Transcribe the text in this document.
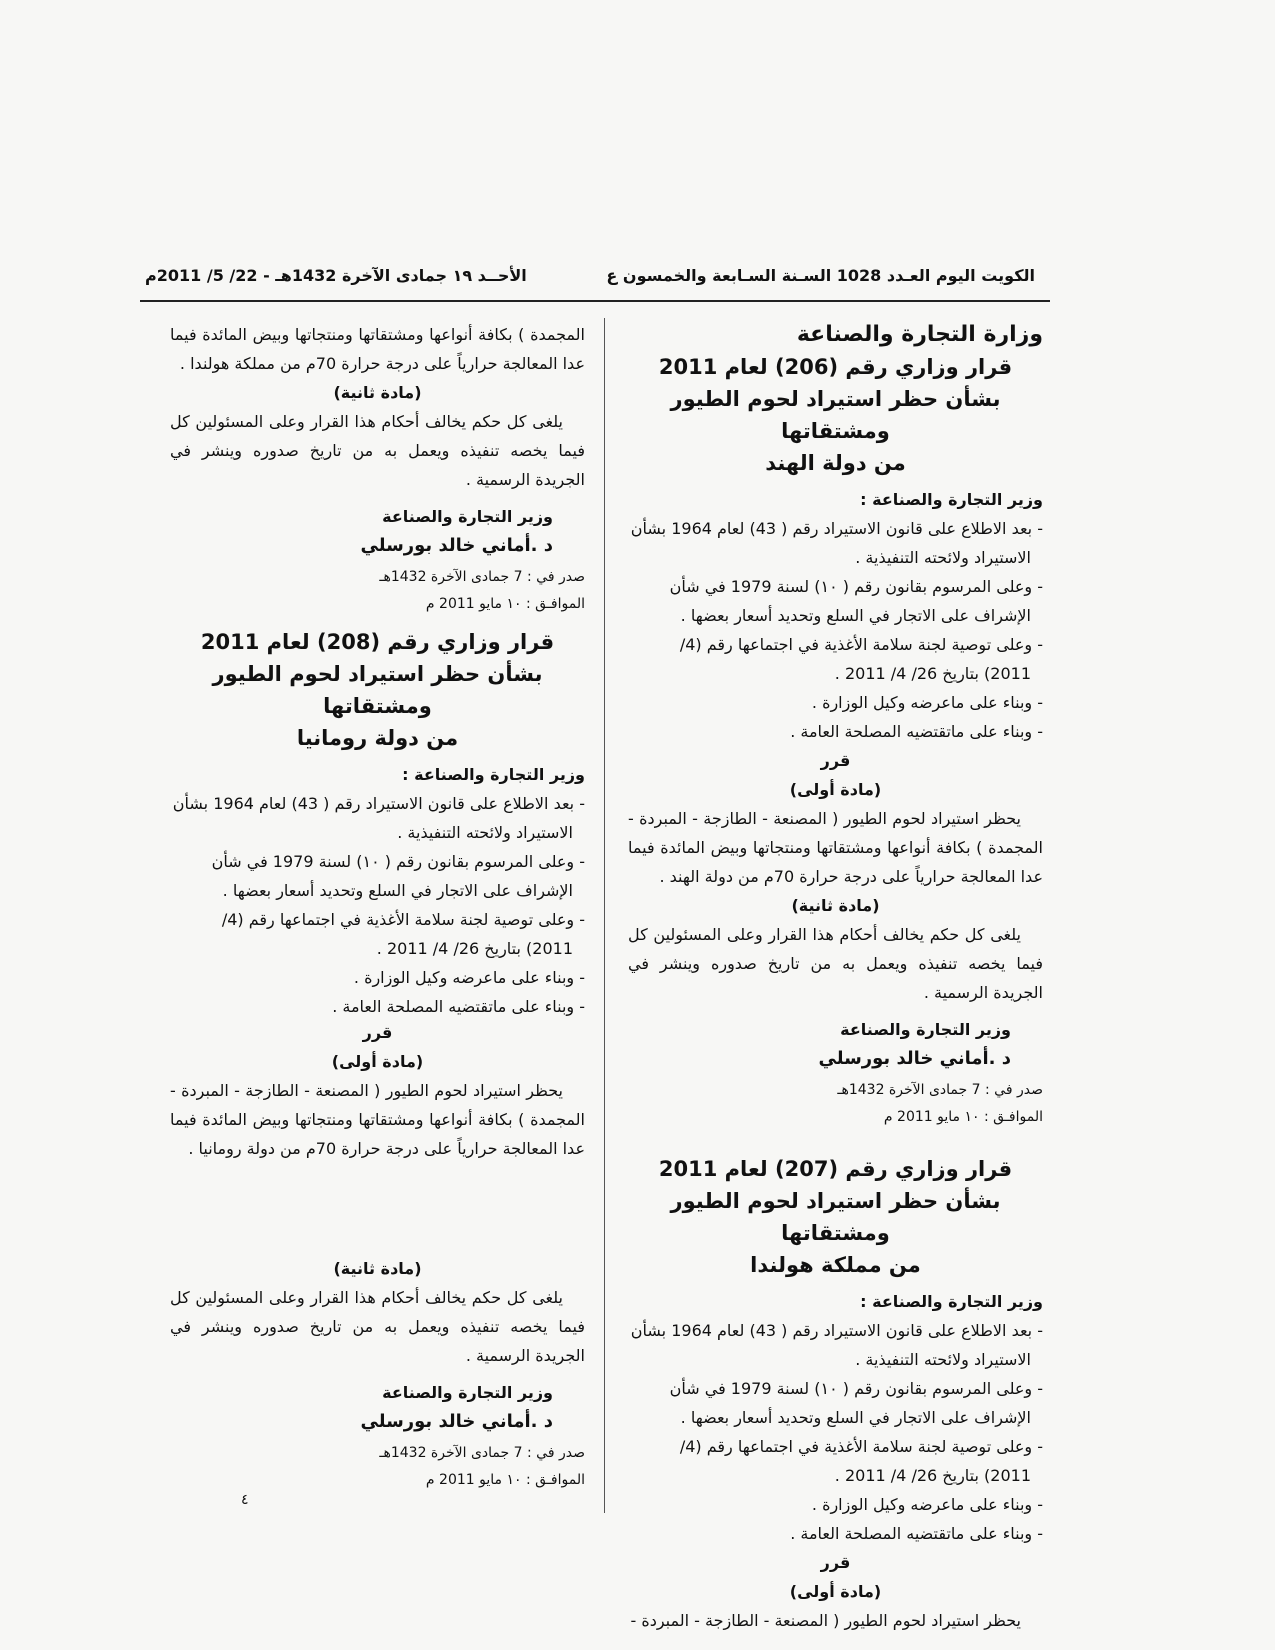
الكويت اليوم العـدد 1028 السـنة السـابعة والخمسون ع
الأحــد ١٩ جمادى الآخرة 1432هـ - 22/ 5/ 2011م
وزارة التجارة والصناعة
قرار وزاري رقم (206) لعام 2011
بشأن حظر استيراد لحوم الطيور ومشتقاتها
من دولة الهند
وزير التجارة والصناعة :
- بعد الاطلاع على قانون الاستيراد رقم ( 43) لعام 1964 بشأن الاستيراد ولائحته التنفيذية .
- وعلى المرسوم بقانون رقم ( ١٠) لسنة 1979 في شأن الإشراف على الاتجار في السلع وتحديد أسعار بعضها .
- وعلى توصية لجنة سلامة الأغذية في اجتماعها رقم (4/ 2011) بتاريخ 26/ 4/ 2011 .
- وبناء على ماعرضه وكيل الوزارة .
- وبناء على ماتقتضيه المصلحة العامة .
قرر
(مادة أولى)
يحظر استيراد لحوم الطيور ( المصنعة - الطازجة - المبردة - المجمدة ) بكافة أنواعها ومشتقاتها ومنتجاتها وبيض المائدة فيما عدا المعالجة حرارياً على درجة حرارة 70م من دولة الهند .
(مادة ثانية)
يلغى كل حكم يخالف أحكام هذا القرار وعلى المسئولين كل فيما يخصه تنفيذه ويعمل به من تاريخ صدوره وينشر في الجريدة الرسمية .
وزير التجارة والصناعة
د .أماني خالد بورسلي
صدر في : 7 جمادى الآخرة 1432هـ
الموافـق : ١٠ مايو 2011 م
قرار وزاري رقم (207) لعام 2011
بشأن حظر استيراد لحوم الطيور ومشتقاتها
من مملكة هولندا
وزير التجارة والصناعة :
- بعد الاطلاع على قانون الاستيراد رقم ( 43) لعام 1964 بشأن الاستيراد ولائحته التنفيذية .
- وعلى المرسوم بقانون رقم ( ١٠) لسنة 1979 في شأن الإشراف على الاتجار في السلع وتحديد أسعار بعضها .
- وعلى توصية لجنة سلامة الأغذية في اجتماعها رقم (4/ 2011) بتاريخ 26/ 4/ 2011 .
- وبناء على ماعرضه وكيل الوزارة .
- وبناء على ماتقتضيه المصلحة العامة .
قرر
(مادة أولى)
يحظر استيراد لحوم الطيور ( المصنعة - الطازجة - المبردة -
المجمدة ) بكافة أنواعها ومشتقاتها ومنتجاتها وبيض المائدة فيما عدا المعالجة حرارياً على درجة حرارة 70م من مملكة هولندا .
(مادة ثانية)
يلغى كل حكم يخالف أحكام هذا القرار وعلى المسئولين كل فيما يخصه تنفيذه ويعمل به من تاريخ صدوره وينشر في الجريدة الرسمية .
وزير التجارة والصناعة
د .أماني خالد بورسلي
صدر في : 7 جمادى الآخرة 1432هـ
الموافـق : ١٠ مايو 2011 م
قرار وزاري رقم (208) لعام 2011
بشأن حظر استيراد لحوم الطيور ومشتقاتها
من دولة رومانيا
وزير التجارة والصناعة :
- بعد الاطلاع على قانون الاستيراد رقم ( 43) لعام 1964 بشأن الاستيراد ولائحته التنفيذية .
- وعلى المرسوم بقانون رقم ( ١٠) لسنة 1979 في شأن الإشراف على الاتجار في السلع وتحديد أسعار بعضها .
- وعلى توصية لجنة سلامة الأغذية في اجتماعها رقم (4/ 2011) بتاريخ 26/ 4/ 2011 .
- وبناء على ماعرضه وكيل الوزارة .
- وبناء على ماتقتضيه المصلحة العامة .
قرر
(مادة أولى)
يحظر استيراد لحوم الطيور ( المصنعة - الطازجة - المبردة - المجمدة ) بكافة أنواعها ومشتقاتها ومنتجاتها وبيض المائدة فيما عدا المعالجة حرارياً على درجة حرارة 70م من دولة رومانيا .
(مادة ثانية)
يلغى كل حكم يخالف أحكام هذا القرار وعلى المسئولين كل فيما يخصه تنفيذه ويعمل به من تاريخ صدوره وينشر في الجريدة الرسمية .
وزير التجارة والصناعة
د .أماني خالد بورسلي
صدر في : 7 جمادى الآخرة 1432هـ
الموافـق : ١٠ مايو 2011 م
٤
